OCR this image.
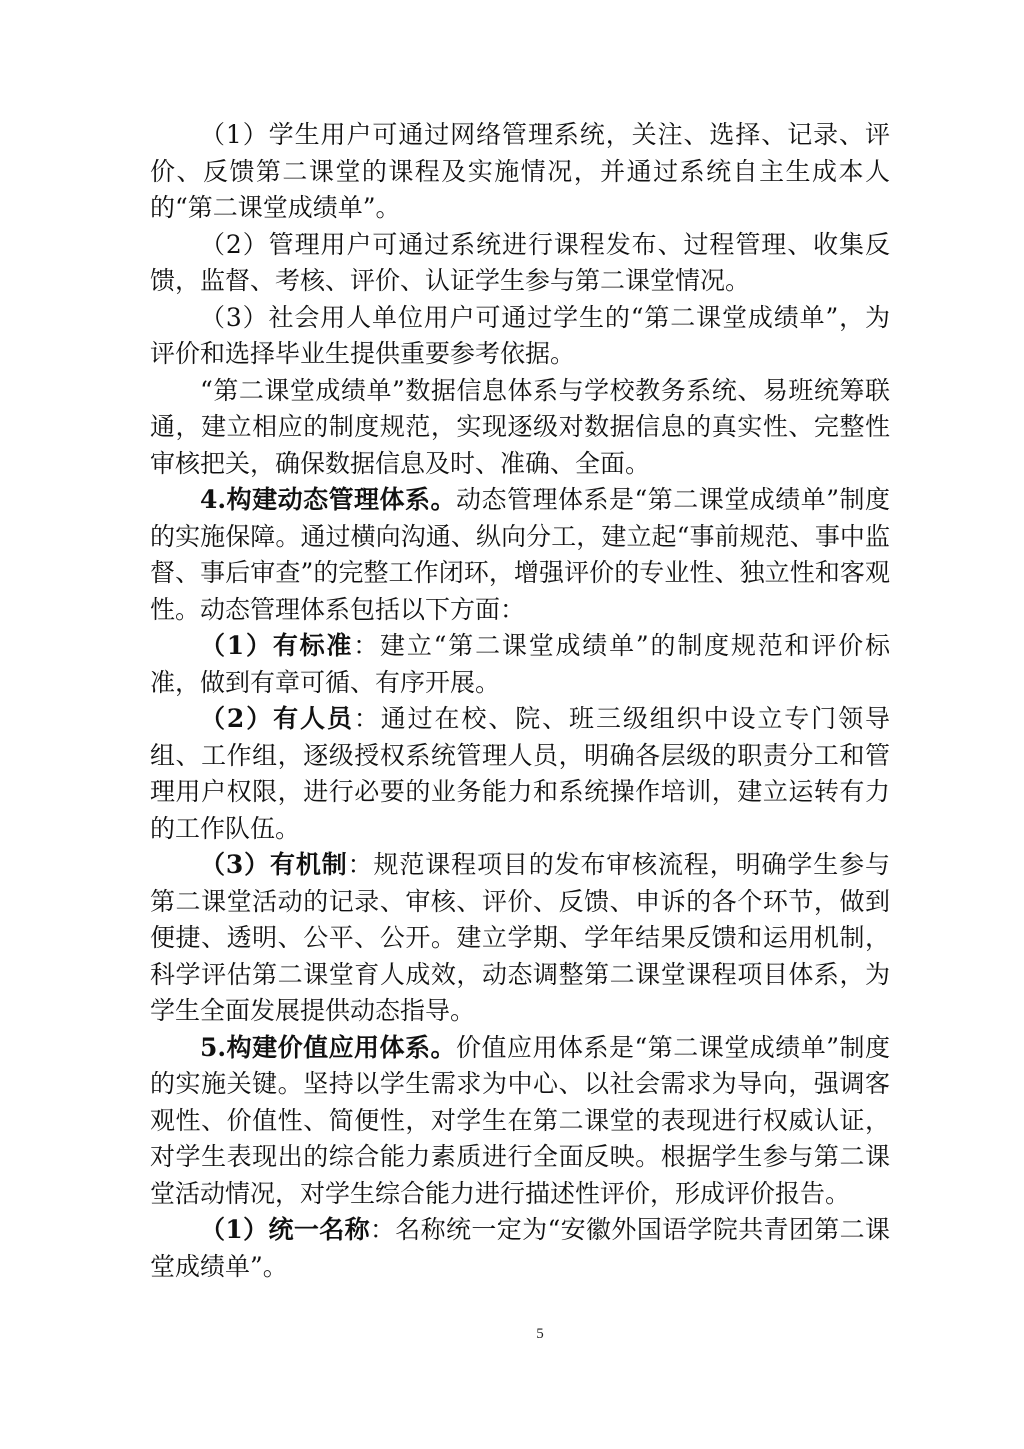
（1）学生用户可通过网络管理系统，关注、选择、记录、评价、反馈第二课堂的课程及实施情况，并通过系统自主生成本人的“第二课堂成绩单”。

（2）管理用户可通过系统进行课程发布、过程管理、收集反馈，监督、考核、评价、认证学生参与第二课堂情况。

（3）社会用人单位用户可通过学生的“第二课堂成绩单”，为评价和选择毕业生提供重要参考依据。

“第二课堂成绩单”数据信息体系与学校教务系统、易班统筹联通，建立相应的制度规范，实现逐级对数据信息的真实性、完整性审核把关，确保数据信息及时、准确、全面。

4.构建动态管理体系。动态管理体系是“第二课堂成绩单”制度的实施保障。通过横向沟通、纵向分工，建立起“事前规范、事中监督、事后审查”的完整工作闭环，增强评价的专业性、独立性和客观性。动态管理体系包括以下方面：

（1）有标准：建立“第二课堂成绩单”的制度规范和评价标准，做到有章可循、有序开展。

（2）有人员：通过在校、院、班三级组织中设立专门领导组、工作组，逐级授权系统管理人员，明确各层级的职责分工和管理用户权限，进行必要的业务能力和系统操作培训，建立运转有力的工作队伍。

（3）有机制：规范课程项目的发布审核流程，明确学生参与第二课堂活动的记录、审核、评价、反馈、申诉的各个环节，做到便捷、透明、公平、公开。建立学期、学年结果反馈和运用机制，科学评估第二课堂育人成效，动态调整第二课堂课程项目体系，为学生全面发展提供动态指导。

5.构建价值应用体系。价值应用体系是“第二课堂成绩单”制度的实施关键。坚持以学生需求为中心、以社会需求为导向，强调客观性、价值性、简便性，对学生在第二课堂的表现进行权威认证，对学生表现出的综合能力素质进行全面反映。根据学生参与第二课堂活动情况，对学生综合能力进行描述性评价，形成评价报告。

（1）统一名称：名称统一定为“安徽外国语学院共青团第二课堂成绩单”。

5
